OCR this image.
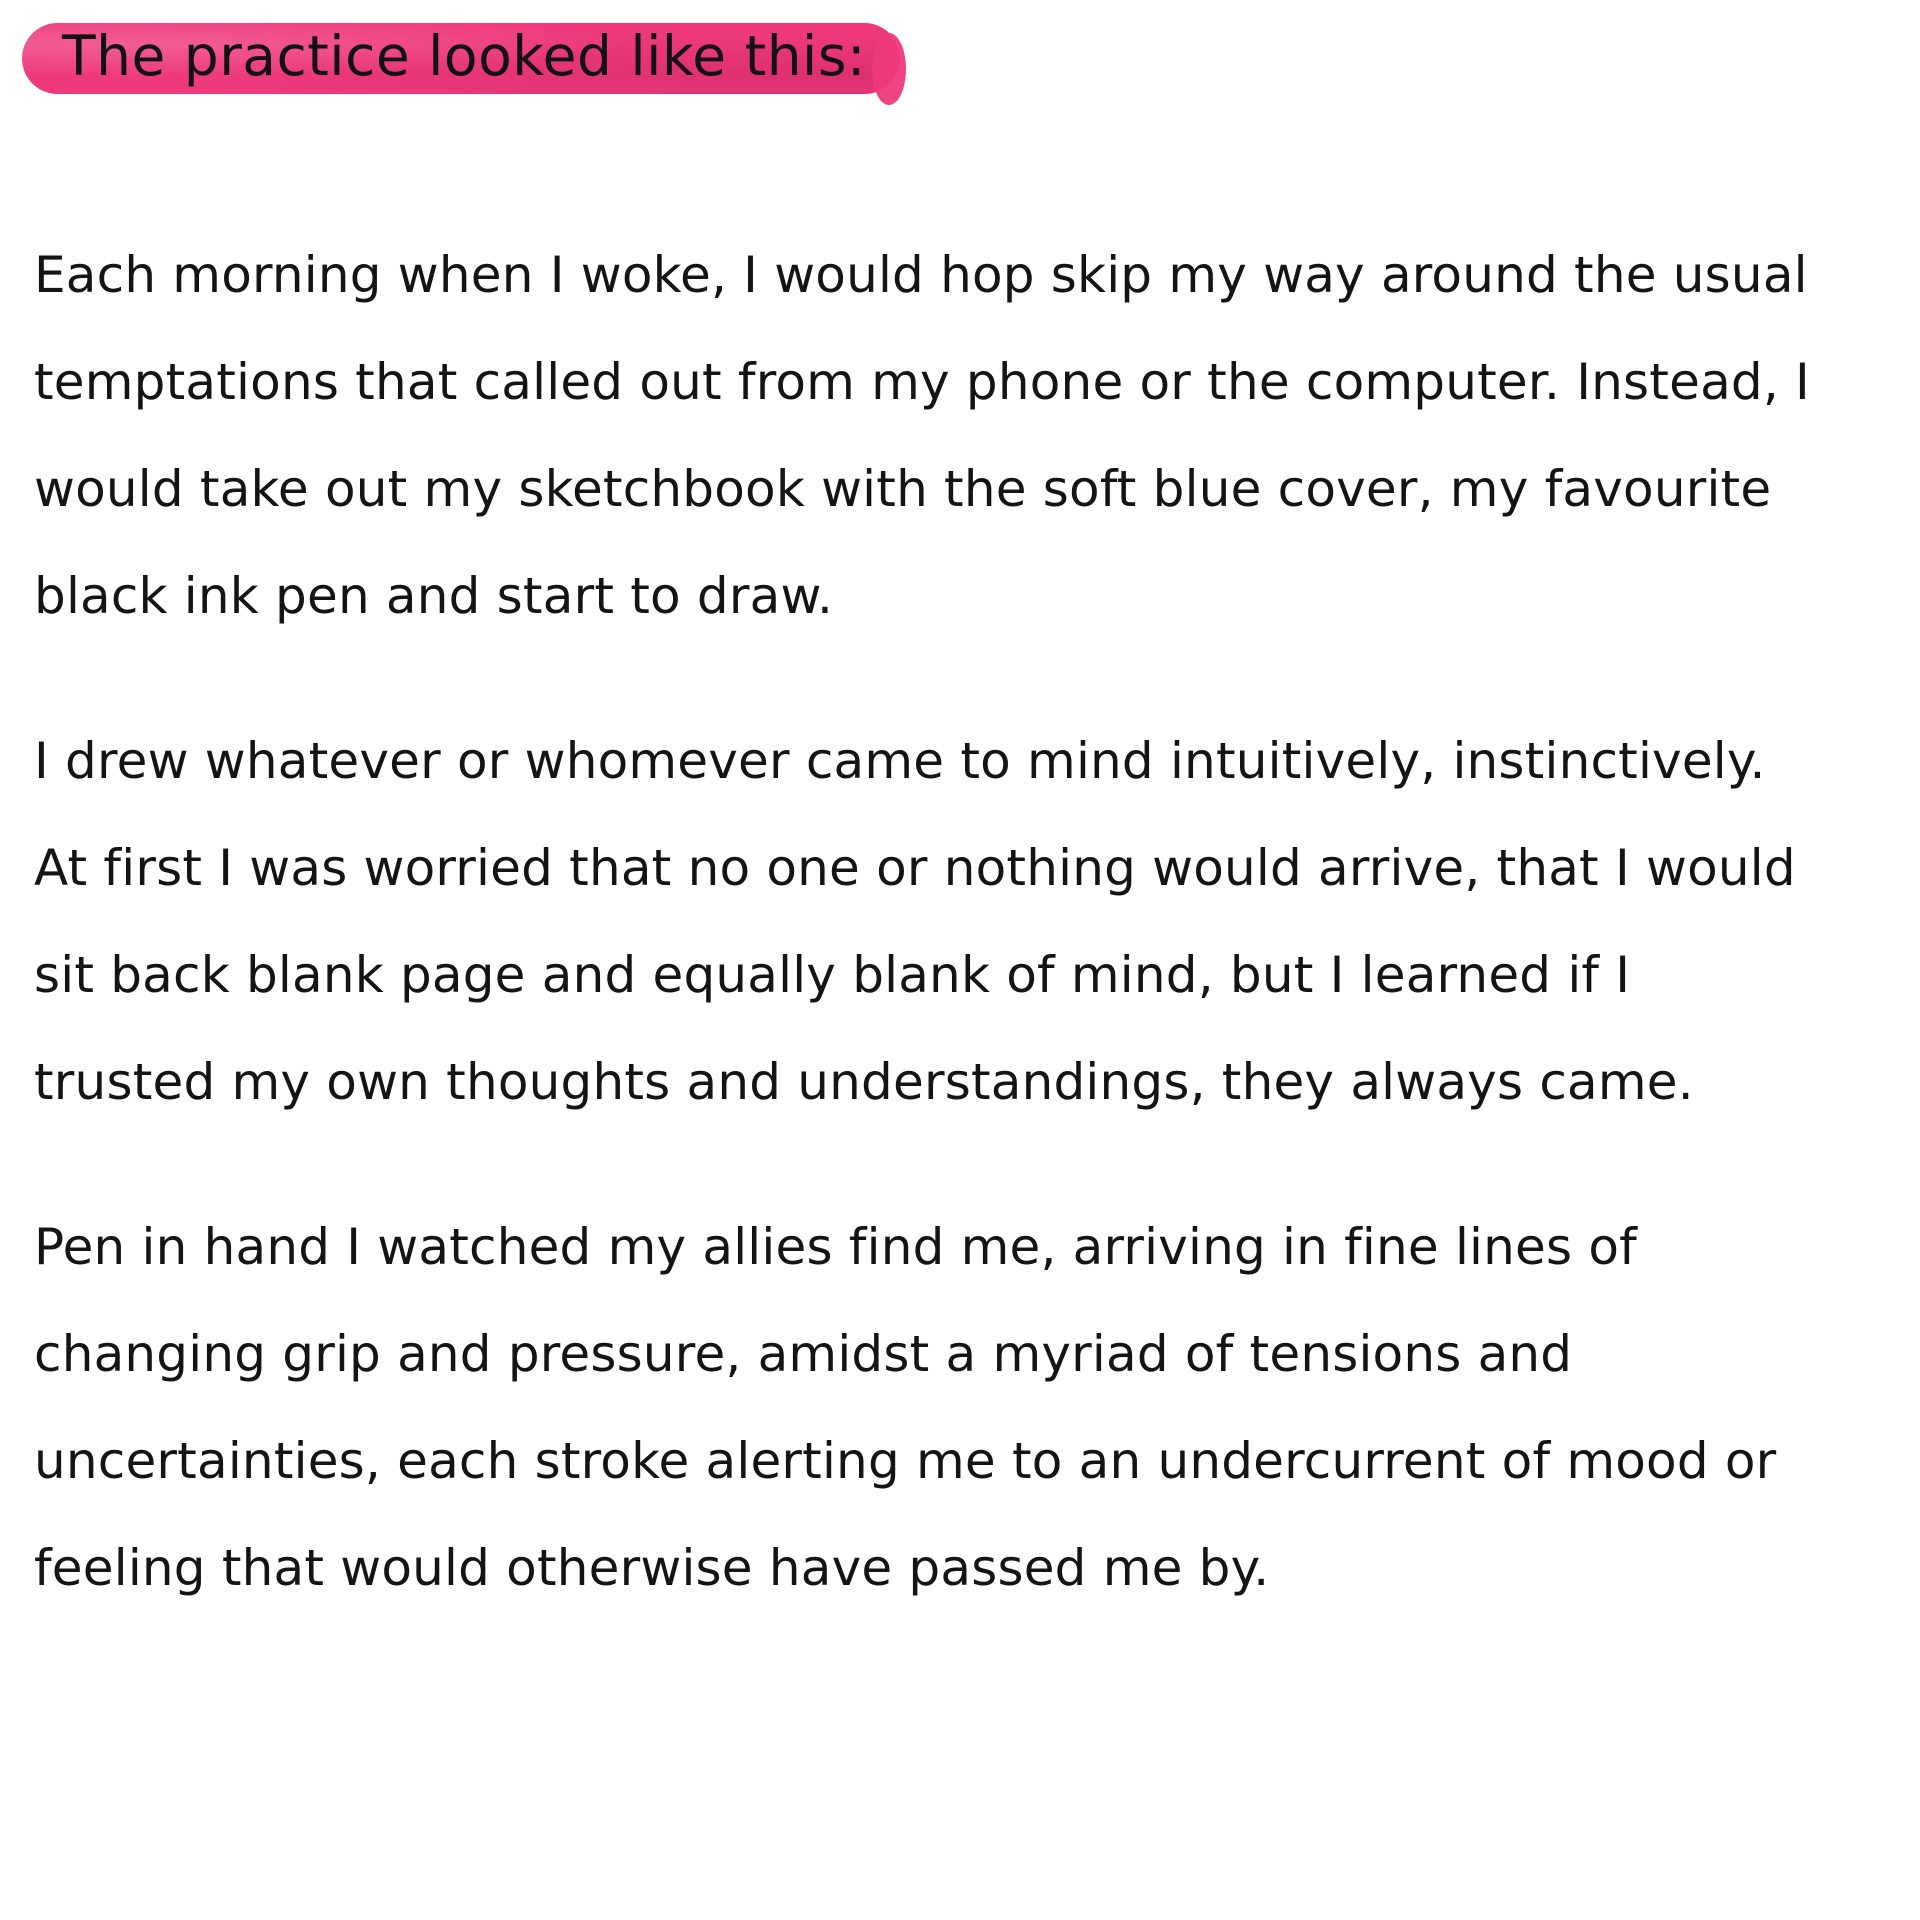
The practice looked like this:

Each morning when I woke, I would hop skip my way around the usual temptations that called out from my phone or the computer. Instead, I would take out my sketchbook with the soft blue cover, my favourite black ink pen and start to draw.

I drew whatever or whomever came to mind intuitively, instinctively. At first I was worried that no one or nothing would arrive, that I would sit back blank page and equally blank of mind, but I learned if I trusted my own thoughts and understandings, they always came.

Pen in hand I watched my allies find me, arriving in fine lines of changing grip and pressure, amidst a myriad of tensions and uncertainties, each stroke alerting me to an undercurrent of mood or feeling that would otherwise have passed me by.
